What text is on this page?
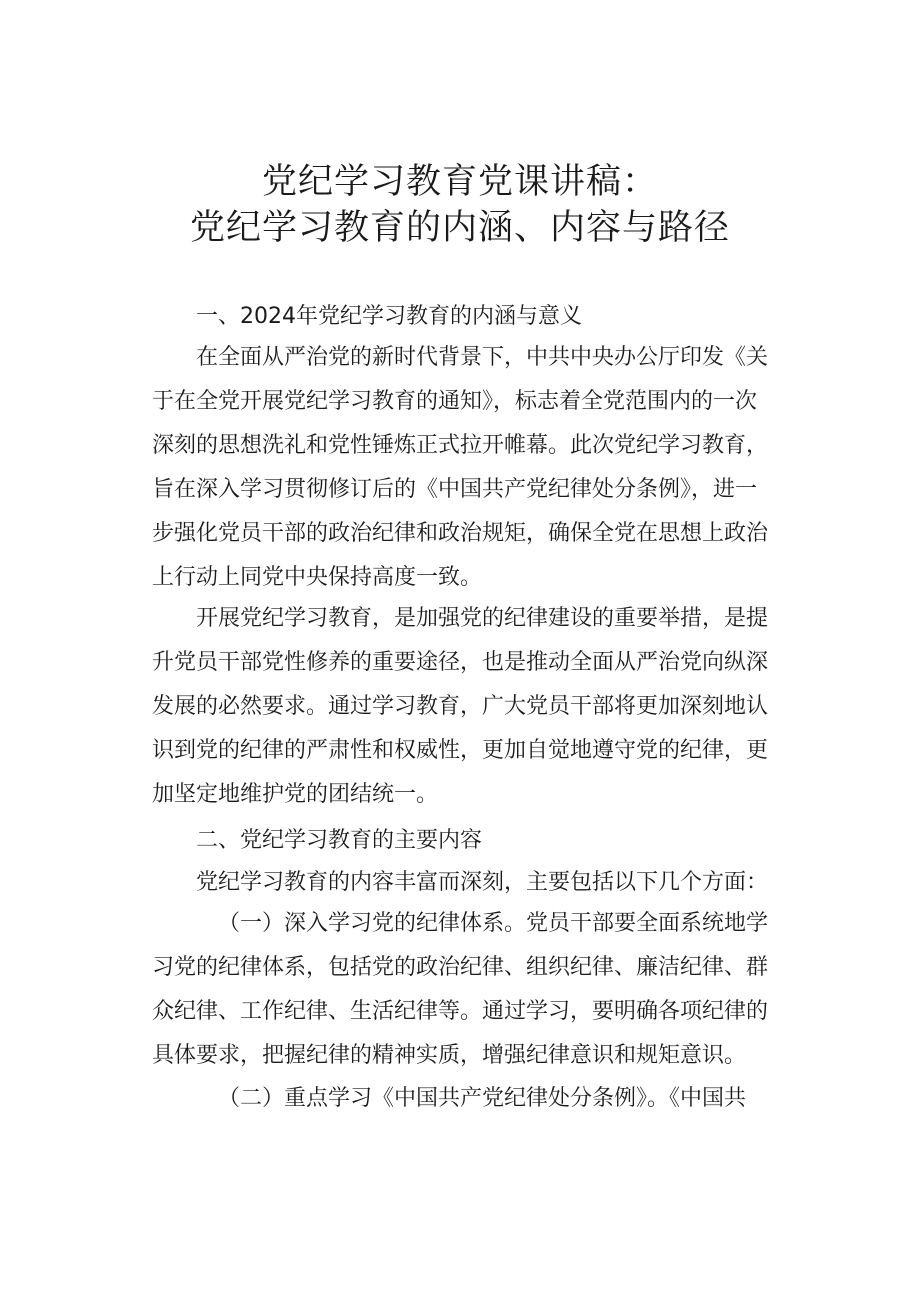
党纪学习教育党课讲稿：
党纪学习教育的内涵、内容与路径
一、2024年党纪学习教育的内涵与意义
在全面从严治党的新时代背景下，中共中央办公厅印发《关
于在全党开展党纪学习教育的通知》，标志着全党范围内的一次
深刻的思想洗礼和党性锤炼正式拉开帷幕。此次党纪学习教育，
旨在深入学习贯彻修订后的《中国共产党纪律处分条例》，进一
步强化党员干部的政治纪律和政治规矩，确保全党在思想上政治
上行动上同党中央保持高度一致。
开展党纪学习教育，是加强党的纪律建设的重要举措，是提
升党员干部党性修养的重要途径，也是推动全面从严治党向纵深
发展的必然要求。通过学习教育，广大党员干部将更加深刻地认
识到党的纪律的严肃性和权威性，更加自觉地遵守党的纪律，更
加坚定地维护党的团结统一。
二、党纪学习教育的主要内容
党纪学习教育的内容丰富而深刻，主要包括以下几个方面：
（一）深入学习党的纪律体系。党员干部要全面系统地学
习党的纪律体系，包括党的政治纪律、组织纪律、廉洁纪律、群
众纪律、工作纪律、生活纪律等。通过学习，要明确各项纪律的
具体要求，把握纪律的精神实质，增强纪律意识和规矩意识。
（二）重点学习《中国共产党纪律处分条例》。《中国共
